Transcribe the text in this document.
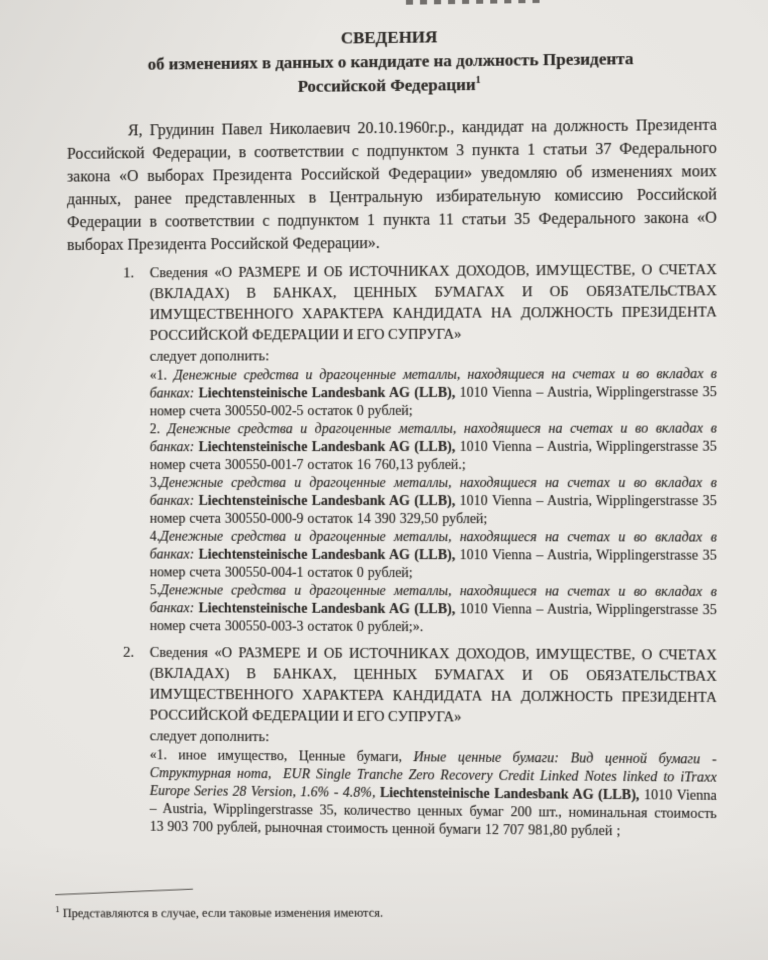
СВЕДЕНИЯ
об изменениях в данных о кандидате на должность Президента
Российской Федерации$^1$

Я, Грудинин Павел Николаевич 20.10.1960г.р., кандидат на должность Президента Российской Федерации, в соответствии с подпунктом 3 пункта 1 статьи 37 Федерального закона «О выборах Президента Российской Федерации» уведомляю об изменениях моих данных, ранее представленных в Центральную избирательную комиссию Российской Федерации в соответствии с подпунктом 1 пункта 11 статьи 35 Федерального закона «О выборах Президента Российской Федерации».

1.	Сведения «О РАЗМЕРЕ И ОБ ИСТОЧНИКАХ ДОХОДОВ, ИМУЩЕСТВЕ, О СЧЕТАХ (ВКЛАДАХ) В БАНКАХ, ЦЕННЫХ БУМАГАХ И ОБ ОБЯЗАТЕЛЬСТВАХ ИМУЩЕСТВЕННОГО ХАРАКТЕРА КАНДИДАТА НА ДОЛЖНОСТЬ ПРЕЗИДЕНТА РОССИЙСКОЙ ФЕДЕРАЦИИ И ЕГО СУПРУГА»
следует дополнить:
«1. Денежные средства и драгоценные металлы, находящиеся на счетах и во вкладах в банках: Liechtensteinische Landesbank AG (LLB), 1010 Vienna – Austria, Wipplingerstrasse 35 номер счета 300550-002-5 остаток 0 рублей;
2. Денежные средства и драгоценные металлы, находящиеся на счетах и во вкладах в банках: Liechtensteinische Landesbank AG (LLB), 1010 Vienna – Austria, Wipplingerstrasse 35 номер счета 300550-001-7 остаток 16 760,13 рублей.;
3.Денежные средства и драгоценные металлы, находящиеся на счетах и во вкладах в банках: Liechtensteinische Landesbank AG (LLB), 1010 Vienna – Austria, Wipplingerstrasse 35 номер счета 300550-000-9 остаток 14 390 329,50 рублей;
4.Денежные средства и драгоценные металлы, находящиеся на счетах и во вкладах в банках: Liechtensteinische Landesbank AG (LLB), 1010 Vienna – Austria, Wipplingerstrasse 35 номер счета 300550-004-1 остаток 0 рублей;
5.Денежные средства и драгоценные металлы, находящиеся на счетах и во вкладах в банках: Liechtensteinische Landesbank AG (LLB), 1010 Vienna – Austria, Wipplingerstrasse 35 номер счета 300550-003-3 остаток 0 рублей;».
2.	Сведения «О РАЗМЕРЕ И ОБ ИСТОЧНИКАХ ДОХОДОВ, ИМУЩЕСТВЕ, О СЧЕТАХ (ВКЛАДАХ) В БАНКАХ, ЦЕННЫХ БУМАГАХ И ОБ ОБЯЗАТЕЛЬСТВАХ ИМУЩЕСТВЕННОГО ХАРАКТЕРА КАНДИДАТА НА ДОЛЖНОСТЬ ПРЕЗИДЕНТА РОССИЙСКОЙ ФЕДЕРАЦИИ И ЕГО СУПРУГА»
следует дополнить:
«1. иное имущество, Ценные бумаги, Иные ценные бумаги: Вид ценной бумаги - Структурная нота,  EUR Single Tranche Zero Recovery Credit Linked Notes linked to iTraxx Europe Series 28 Version, 1.6% - 4.8%, Liechtensteinische Landesbank AG (LLB), 1010 Vienna – Austria, Wipplingerstrasse 35, количество ценных бумаг 200 шт., номинальная стоимость 13 903 700 рублей, рыночная стоимость ценной бумаги 12 707 981,80 рублей ;
$^1$ Представляются в случае, если таковые изменения имеются.
